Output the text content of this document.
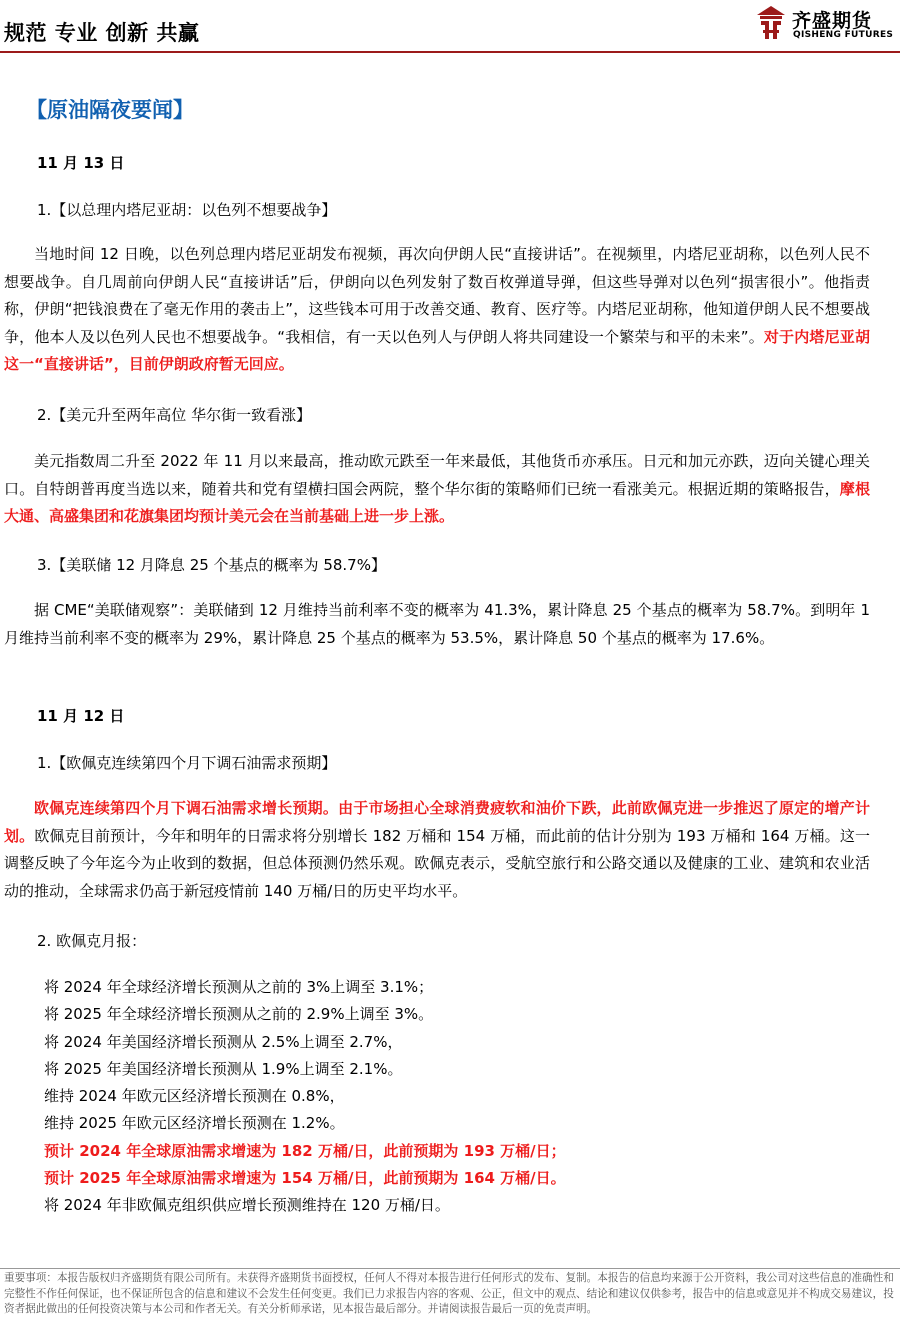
规范 专业 创新 共赢	齐盛期货
QISHENG FUTURES
【原油隔夜要闻】
11 月 13 日
1.【以总理内塔尼亚胡：以色列不想要战争】

当地时间 12 日晚，以色列总理内塔尼亚胡发布视频，再次向伊朗人民“直接讲话”。在视频里，内塔尼亚胡称，以色列人民不想要战争。自几周前向伊朗人民“直接讲话”后，伊朗向以色列发射了数百枚弹道导弹，但这些导弹对以色列“损害很小”。他指责称，伊朗“把钱浪费在了毫无作用的袭击上”，这些钱本可用于改善交通、教育、医疗等。内塔尼亚胡称，他知道伊朗人民不想要战争，他本人及以色列人民也不想要战争。“我相信，有一天以色列人与伊朗人将共同建设一个繁荣与和平的未来”。对于内塔尼亚胡这一“直接讲话”，目前伊朗政府暂无回应。

2.【美元升至两年高位 华尔街一致看涨】

美元指数周二升至 2022 年 11 月以来最高，推动欧元跌至一年来最低，其他货币亦承压。日元和加元亦跌，迈向关键心理关口。自特朗普再度当选以来，随着共和党有望横扫国会两院，整个华尔街的策略师们已统一看涨美元。根据近期的策略报告，摩根大通、高盛集团和花旗集团均预计美元会在当前基础上进一步上涨。

3.【美联储 12 月降息 25 个基点的概率为 58.7%】

据 CME“美联储观察”：美联储到 12 月维持当前利率不变的概率为 41.3%，累计降息 25 个基点的概率为 58.7%。到明年 1 月维持当前利率不变的概率为 29%，累计降息 25 个基点的概率为 53.5%，累计降息 50 个基点的概率为 17.6%。

11 月 12 日
1.【欧佩克连续第四个月下调石油需求预期】

欧佩克连续第四个月下调石油需求增长预期。由于市场担心全球消费疲软和油价下跌，此前欧佩克进一步推迟了原定的增产计划。欧佩克目前预计，今年和明年的日需求将分别增长 182 万桶和 154 万桶，而此前的估计分别为 193 万桶和 164 万桶。这一调整反映了今年迄今为止收到的数据，但总体预测仍然乐观。欧佩克表示，受航空旅行和公路交通以及健康的工业、建筑和农业活动的推动，全球需求仍高于新冠疫情前 140 万桶/日的历史平均水平。

2. 欧佩克月报：
将 2024 年全球经济增长预测从之前的 3%上调至 3.1%；
将 2025 年全球经济增长预测从之前的 2.9%上调至 3%。
将 2024 年美国经济增长预测从 2.5%上调至 2.7%，
将 2025 年美国经济增长预测从 1.9%上调至 2.1%。
维持 2024 年欧元区经济增长预测在 0.8%，
维持 2025 年欧元区经济增长预测在 1.2%。
预计 2024 年全球原油需求增速为 182 万桶/日，此前预期为 193 万桶/日；
预计 2025 年全球原油需求增速为 154 万桶/日，此前预期为 164 万桶/日。
将 2024 年非欧佩克组织供应增长预测维持在 120 万桶/日。
重要事项：本报告版权归齐盛期货有限公司所有。未获得齐盛期货书面授权，任何人不得对本报告进行任何形式的发布、复制。本报告的信息均来源于公开资料，我公司对这些信息的准确性和完整性不作任何保证，也不保证所包含的信息和建议不会发生任何变更。我们已力求报告内容的客观、公正，但文中的观点、结论和建议仅供参考，报告中的信息或意见并不构成交易建议，投资者据此做出的任何投资决策与本公司和作者无关。有关分析师承诺，见本报告最后部分。并请阅读报告最后一页的免责声明。
